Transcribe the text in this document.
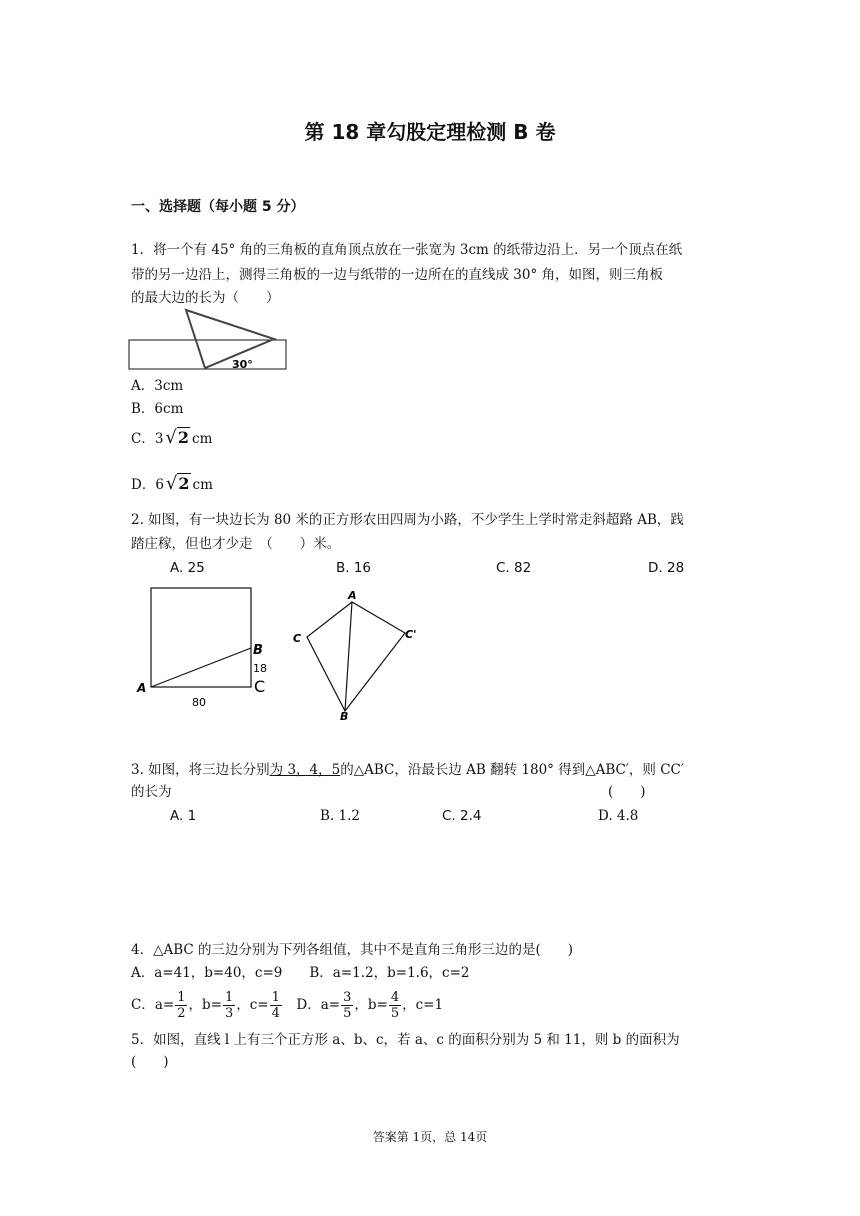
第 18 章勾股定理检测 B 卷
一、选择题（每小题 5 分）
1．将一个有 45° 角的三角板的直角顶点放在一张宽为 3cm 的纸带边沿上．另一个顶点在纸
带的另一边沿上，测得三角板的一边与纸带的一边所在的直线成 30° 角，如图，则三角板
的最大边的长为（　　）
30°
A．3cm
B．6cm
C．3 √2 cm
D．6 √2 cm
2. 如图，有一块边长为 80 米的正方形农田四周为小路，不少学生上学时常走斜超路 AB，践
踏庄稼，但也才少走　（　　）米。
A. 25	B. 16	C. 82	D. 28
A
B
18
C
80
A
C	C'
B
3. 如图，将三边长分别为 3，4，5的△ABC，沿最长边 AB 翻转 180° 得到△ABC′，则 CC′
的长为	(　　)
A. 1	B. 1.2	C. 2.4	D. 4.8
4．△ABC 的三边分别为下列各组值，其中不是直角三角形三边的是(　　)
A．a=41，b=40，c=9　　B．a=1.2，b=1.6，c=2
C．$a= \frac{1}{2}$ ，$b= \frac{1}{3}$ ，$c= \frac{1}{4}$
　 D．$a= \frac{3}{5}$ ，$b= \frac{4}{5}$ ，c=1
5．如图，直线 l 上有三个正方形 a、b、c，若 a、c 的面积分别为 5 和 11，则 b 的面积为
(　　)
答案第 1页，总 14页
